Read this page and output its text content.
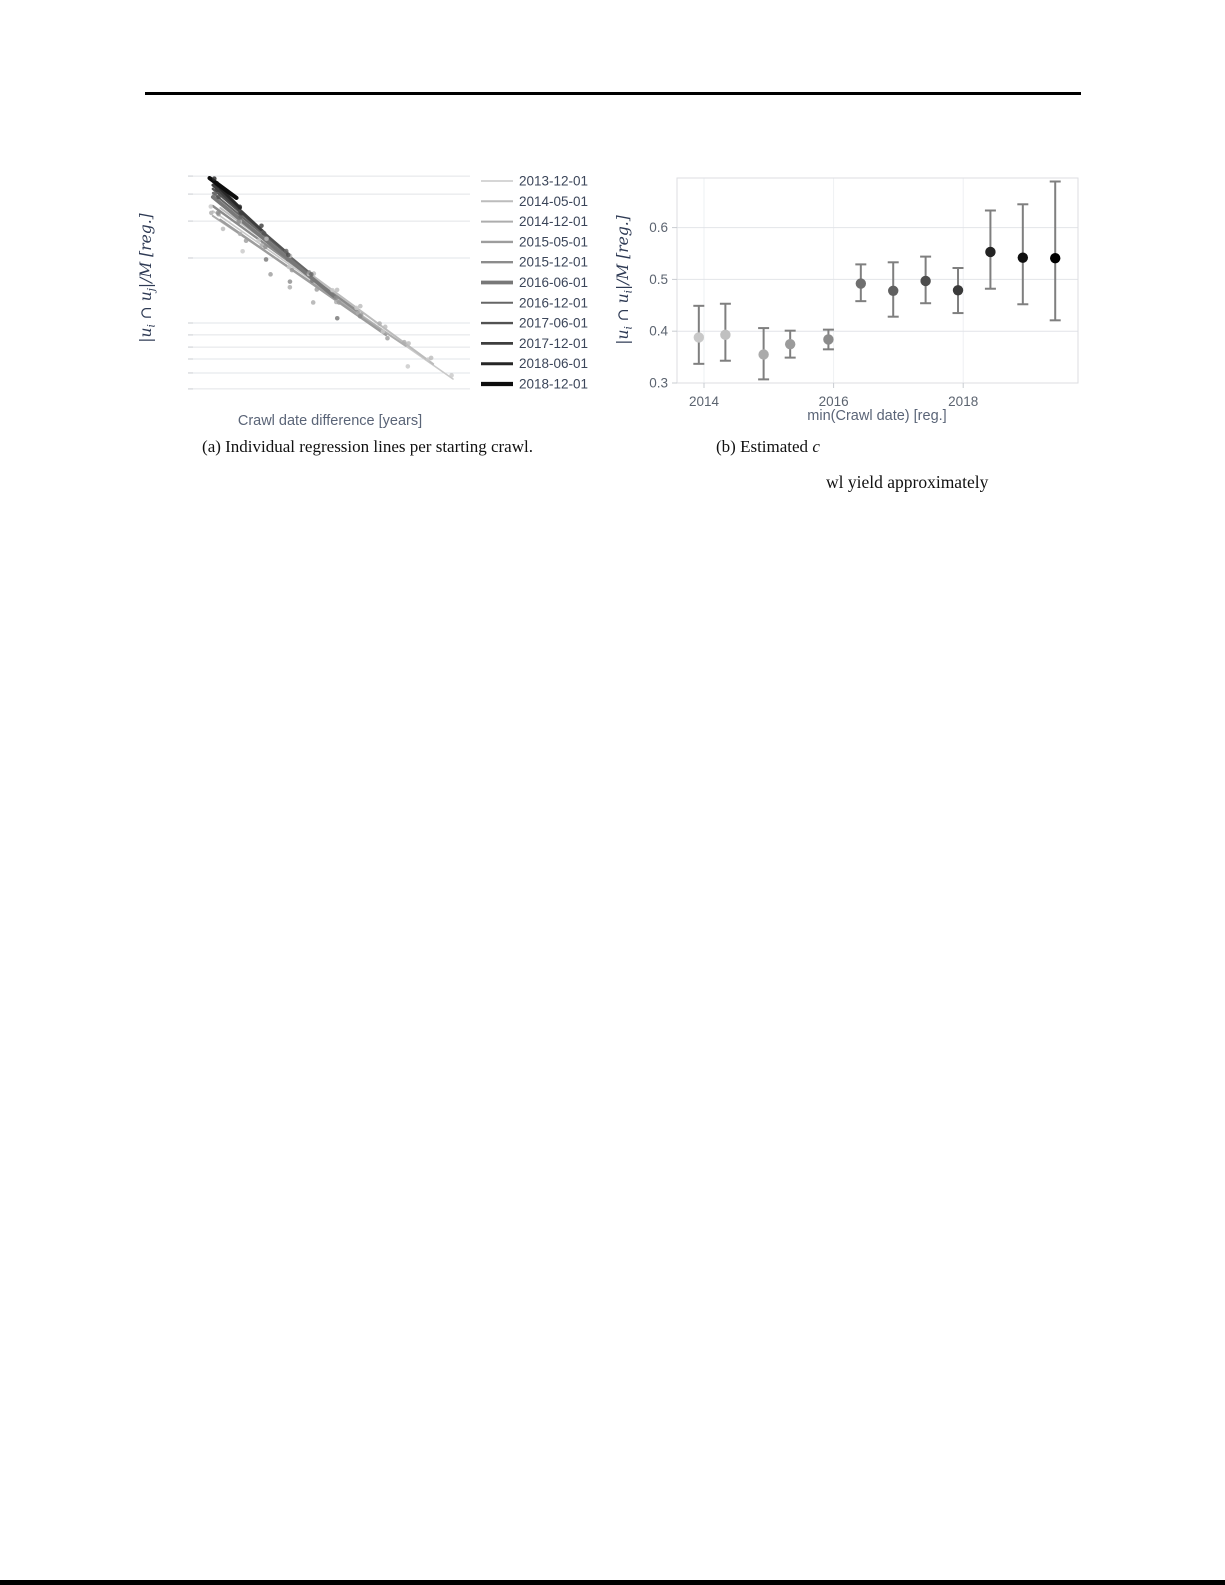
2013-12-01
2014-05-01
2014-12-01
2015-05-01
2015-12-01
2016-06-01
2016-12-01
2017-06-01
2017-12-01
2018-06-01
2018-12-01
$|u_i$ ∩ $u_j|/M$ [reg.]
Crawl date difference [years]
0.3
0.4
0.5
0.6
2014	2016	2018
$|u_i$ ∩ $u_i|/M$ [reg.]
min(Crawl date) [reg.]
(a) Individual regression lines per starting crawl.	(b) Estimated c
wl yield approximately
